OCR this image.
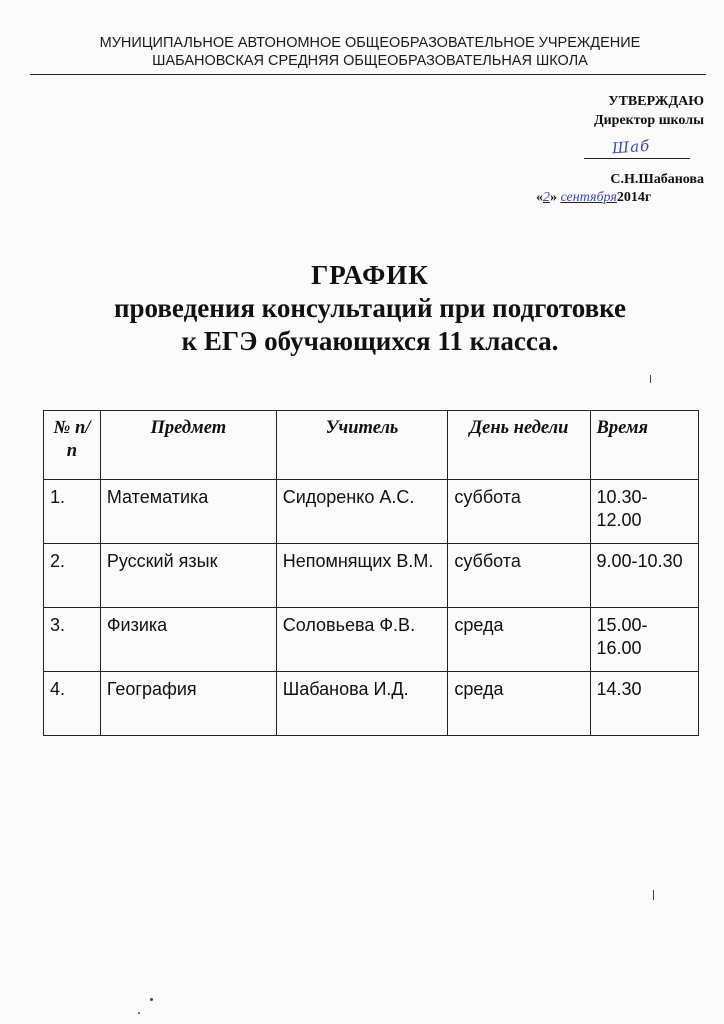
МУНИЦИПАЛЬНОЕ АВТОНОМНОЕ ОБЩЕОБРАЗОВАТЕЛЬНОЕ УЧРЕЖДЕНИЕ
ШАБАНОВСКАЯ СРЕДНЯЯ ОБЩЕОБРАЗОВАТЕЛЬНАЯ ШКОЛА
УТВЕРЖДАЮ
Директор школы
Шаб
С.Н.Шабанова
«2» сентября2014г
ГРАФИК
проведения консультаций при подготовке
к ЕГЭ обучающихся 11 класса.
№ п/п	Предмет	Учитель	День недели	Время
1.	Математика	Сидоренко А.С.	суббота	10.30-12.00
2.	Русский язык	Непомнящих В.М.	суббота	9.00-10.30
3.	Физика	Соловьева Ф.В.	среда	15.00-16.00
4.	География	Шабанова И.Д.	среда	14.30
